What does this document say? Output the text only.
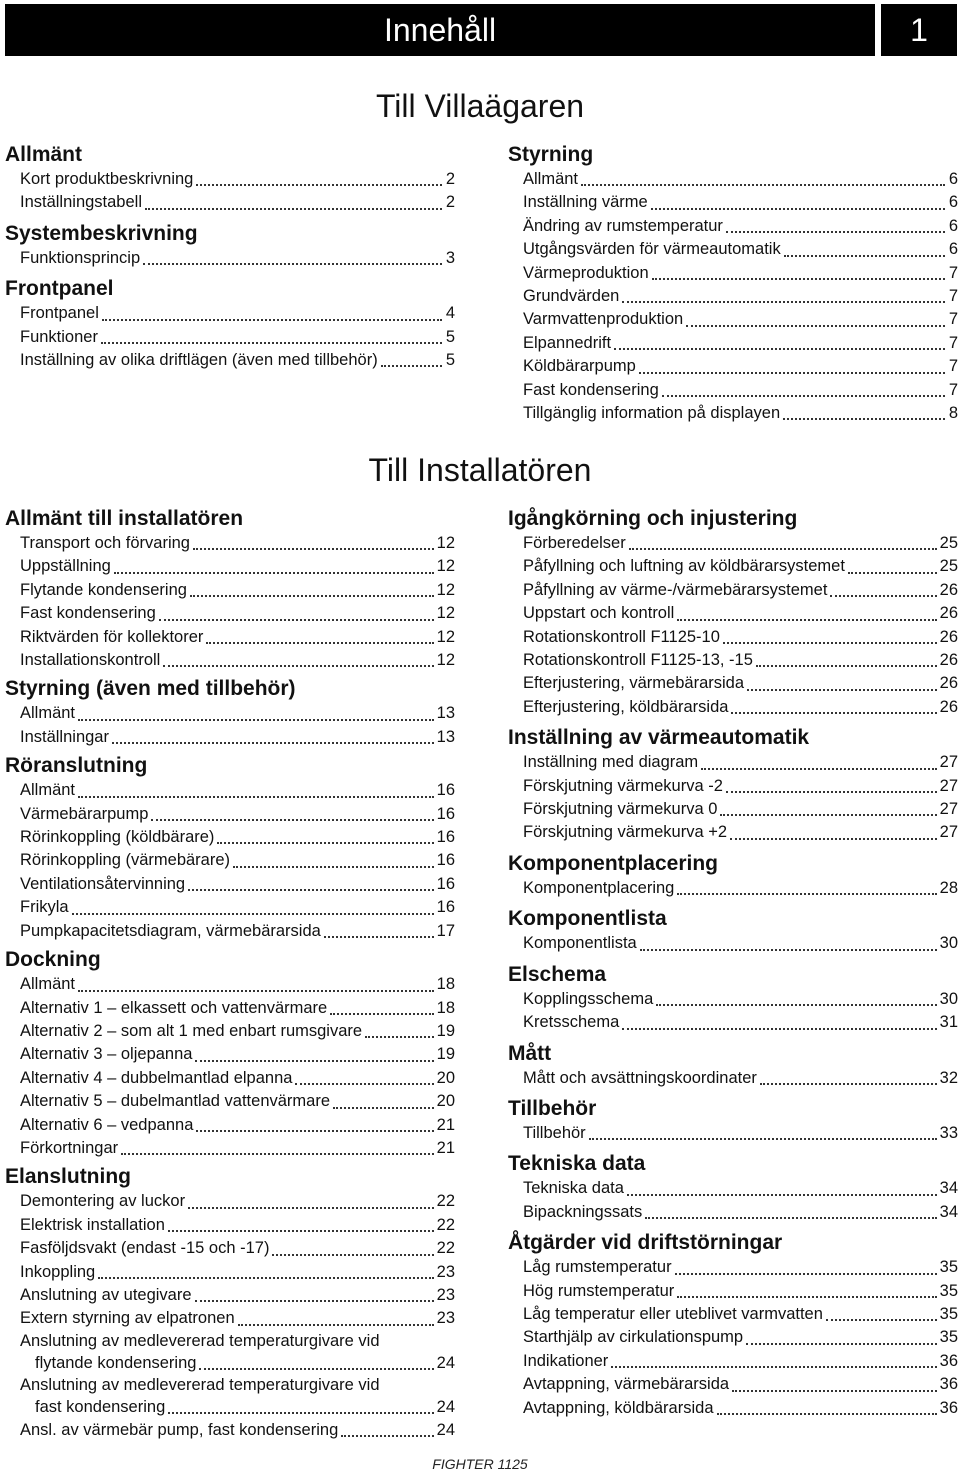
Innehåll	1
Till Villaägaren
Till Installatören
Allmänt
Kort produktbeskrivning	2
Inställningstabell	2
Systembeskrivning
Funktionsprincip	3
Frontpanel
Frontpanel	4
Funktioner	5
Inställning av olika driftlägen (även med tillbehör)	5
Styrning
Allmänt	6
Inställning värme	6
Ändring av rumstemperatur	6
Utgångsvärden för värmeautomatik	6
Värmeproduktion	7
Grundvärden	7
Varmvattenproduktion	7
Elpannedrift	7
Köldbärarpump	7
Fast kondensering	7
Tillgänglig information på displayen	8
Allmänt till installatören
Transport och förvaring	12
Uppställning	12
Flytande kondensering	12
Fast kondensering	12
Riktvärden för kollektorer	12
Installationskontroll	12
Styrning (även med tillbehör)
Allmänt	13
Inställningar	13
Röranslutning
Allmänt	16
Värmebärarpump	16
Rörinkoppling (köldbärare)	16
Rörinkoppling (värmebärare)	16
Ventilationsåtervinning	16
Frikyla	16
Pumpkapacitetsdiagram, värmebärarsida	17
Dockning
Allmänt	18
Alternativ 1 – elkassett och vattenvärmare	18
Alternativ 2 – som alt 1 med enbart rumsgivare	19
Alternativ 3 – oljepanna	19
Alternativ 4 – dubbelmantlad elpanna	20
Alternativ 5 – dubelmantlad vattenvärmare	20
Alternativ 6 – vedpanna	21
Förkortningar	21
Elanslutning
Demontering av luckor	22
Elektrisk installation	22
Fasföljdsvakt (endast -15 och -17)	22
Inkoppling	23
Anslutning av utegivare	23
Extern styrning av elpatronen	23
Anslutning av medlevererad temperaturgivare vid
flytande kondensering	24
Anslutning av medlevererad temperaturgivare vid
fast kondensering	24
Ansl. av värmebär pump, fast kondensering	24
Igångkörning och injustering
Förberedelser	25
Påfyllning och luftning av köldbärarsystemet	25
Påfyllning av värme-/värmebärarsystemet	26
Uppstart och kontroll	26
Rotationskontroll F1125-10	26
Rotationskontroll F1125-13, -15	26
Efterjustering, värmebärarsida	26
Efterjustering, köldbärarsida	26
Inställning av värmeautomatik
Inställning med diagram	27
Förskjutning värmekurva -2	27
Förskjutning värmekurva 0	27
Förskjutning värmekurva +2	27
Komponentplacering
Komponentplacering	28
Komponentlista
Komponentlista	30
Elschema
Kopplingsschema	30
Kretsschema	31
Mått
Mått och avsättningskoordinater	32
Tillbehör
Tillbehör	33
Tekniska data
Tekniska data	34
Bipackningssats	34
Åtgärder vid driftstörningar
Låg rumstemperatur	35
Hög rumstemperatur	35
Låg temperatur eller uteblivet varmvatten	35
Starthjälp av cirkulationspump	35
Indikationer	36
Avtappning, värmebärarsida	36
Avtappning, köldbärarsida	36
FIGHTER 1125
